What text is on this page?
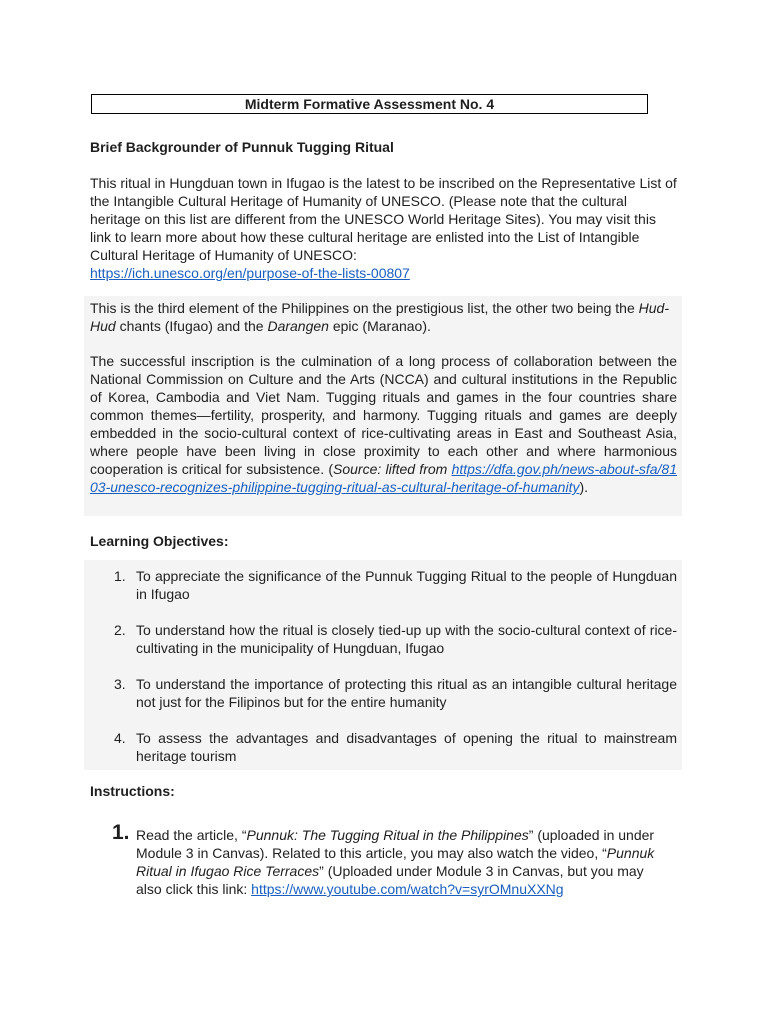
Midterm Formative Assessment No. 4
Brief Backgrounder of Punnuk Tugging Ritual
This ritual in Hungduan town in Ifugao is the latest to be inscribed on the Representative List of the Intangible Cultural Heritage of Humanity of UNESCO. (Please note that the cultural heritage on this list are different from the UNESCO World Heritage Sites). You may visit this link to learn more about how these cultural heritage are enlisted into the List of Intangible Cultural Heritage of Humanity of UNESCO:
https://ich.unesco.org/en/purpose-of-the-lists-00807
This is the third element of the Philippines on the prestigious list, the other two being the Hud-Hud chants (Ifugao) and the Darangen epic (Maranao).
The successful inscription is the culmination of a long process of collaboration between the National Commission on Culture and the Arts (NCCA) and cultural institutions in the Republic of Korea, Cambodia and Viet Nam. Tugging rituals and games in the four countries share common themes—fertility, prosperity, and harmony. Tugging rituals and games are deeply embedded in the socio-cultural context of rice-cultivating areas in East and Southeast Asia, where people have been living in close proximity to each other and where harmonious cooperation is critical for subsistence. (Source: lifted from https://dfa.gov.ph/news-about-sfa/8103-unesco-recognizes-philippine-tugging-ritual-as-cultural-heritage-of-humanity).
Learning Objectives:
1. To appreciate the significance of the Punnuk Tugging Ritual to the people of Hungduan in Ifugao
2. To understand how the ritual is closely tied-up up with the socio-cultural context of rice-cultivating in the municipality of Hungduan, Ifugao
3. To understand the importance of protecting this ritual as an intangible cultural heritage not just for the Filipinos but for the entire humanity
4. To assess the advantages and disadvantages of opening the ritual to mainstream heritage tourism
Instructions:
1. Read the article, “Punnuk: The Tugging Ritual in the Philippines” (uploaded in under Module 3 in Canvas). Related to this article, you may also watch the video, “Punnuk Ritual in Ifugao Rice Terraces” (Uploaded under Module 3 in Canvas, but you may also click this link: https://www.youtube.com/watch?v=syrOMnuXXNg
